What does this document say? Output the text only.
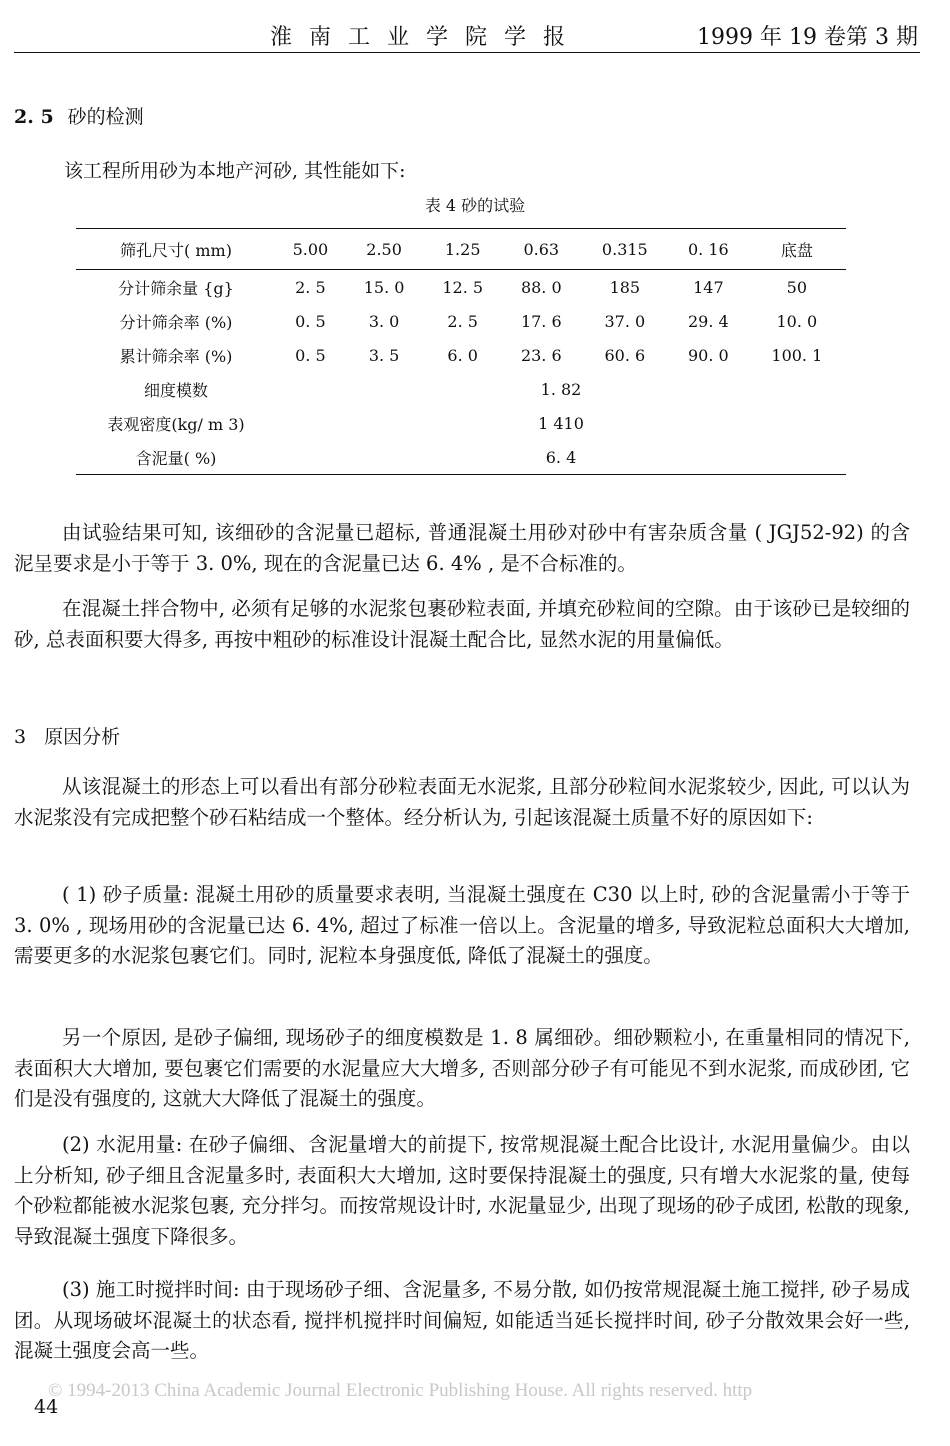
淮 南 工 业 学 院 学 报	1999 年 19 卷第 3 期
2. 5 砂的检测
该工程所用砂为本地产河砂, 其性能如下:
表 4 砂的试验
筛孔尺寸( mm)	5.00	2.50	1.25	0.63	0.315	0. 16	底盘
分计筛余量 {g}	2. 5	15. 0	12. 5	88. 0	185	147	50
分计筛余率 (%)	0. 5	3. 0	2. 5	17. 6	37. 0	29. 4	10. 0
累计筛余率 (%)	0. 5	3. 5	6. 0	23. 6	60. 6	90. 0	100. 1
细度模数	1. 82						
表观密度(kg/ m 3)	1 410						
含泥量( %)	6. 4						

由试验结果可知, 该细砂的含泥量已超标, 普通混凝土用砂对砂中有害杂质含量 ( JGJ52-92) 的含泥呈要求是小于等于 3. 0%, 现在的含泥量已达 6. 4% , 是不合标准的。

在混凝土拌合物中, 必须有足够的水泥浆包裹砂粒表面, 并填充砂粒间的空隙。由于该砂已是较细的砂, 总表面积要大得多, 再按中粗砂的标准设计混凝土配合比, 显然水泥的用量偏低。

3 原因分析

从该混凝土的形态上可以看出有部分砂粒表面无水泥浆, 且部分砂粒间水泥浆较少, 因此, 可以认为水泥浆没有完成把整个砂石粘结成一个整体。经分析认为, 引起该混凝土质量不好的原因如下:

( 1) 砂子质量: 混凝土用砂的质量要求表明, 当混凝土强度在 C30 以上时, 砂的含泥量需小于等于 3. 0% , 现场用砂的含泥量已达 6. 4%, 超过了标准一倍以上。含泥量的增多, 导致泥粒总面积大大增加, 需要更多的水泥浆包裹它们。同时, 泥粒本身强度低, 降低了混凝土的强度。

另一个原因, 是砂子偏细, 现场砂子的细度模数是 1. 8 属细砂。细砂颗粒小, 在重量相同的情况下, 表面积大大增加, 要包裹它们需要的水泥量应大大增多, 否则部分砂子有可能见不到水泥浆, 而成砂团, 它们是没有强度的, 这就大大降低了混凝土的强度。

(2) 水泥用量: 在砂子偏细、含泥量增大的前提下, 按常规混凝土配合比设计, 水泥用量偏少。由以上分析知, 砂子细且含泥量多时, 表面积大大增加, 这时要保持混凝土的强度, 只有增大水泥浆的量, 使每个砂粒都能被水泥浆包裹, 充分拌匀。而按常规设计时, 水泥量显少, 出现了现场的砂子成团, 松散的现象, 导致混凝土强度下降很多。

(3) 施工时搅拌时间: 由于现场砂子细、含泥量多, 不易分散, 如仍按常规混凝土施工搅拌, 砂子易成团。从现场破坏混凝土的状态看, 搅拌机搅拌时间偏短, 如能适当延长搅拌时间, 砂子分散效果会好一些, 混凝土强度会高一些。

© 1994-2013 China Academic Journal Electronic Publishing House. All rights reserved. http
44
